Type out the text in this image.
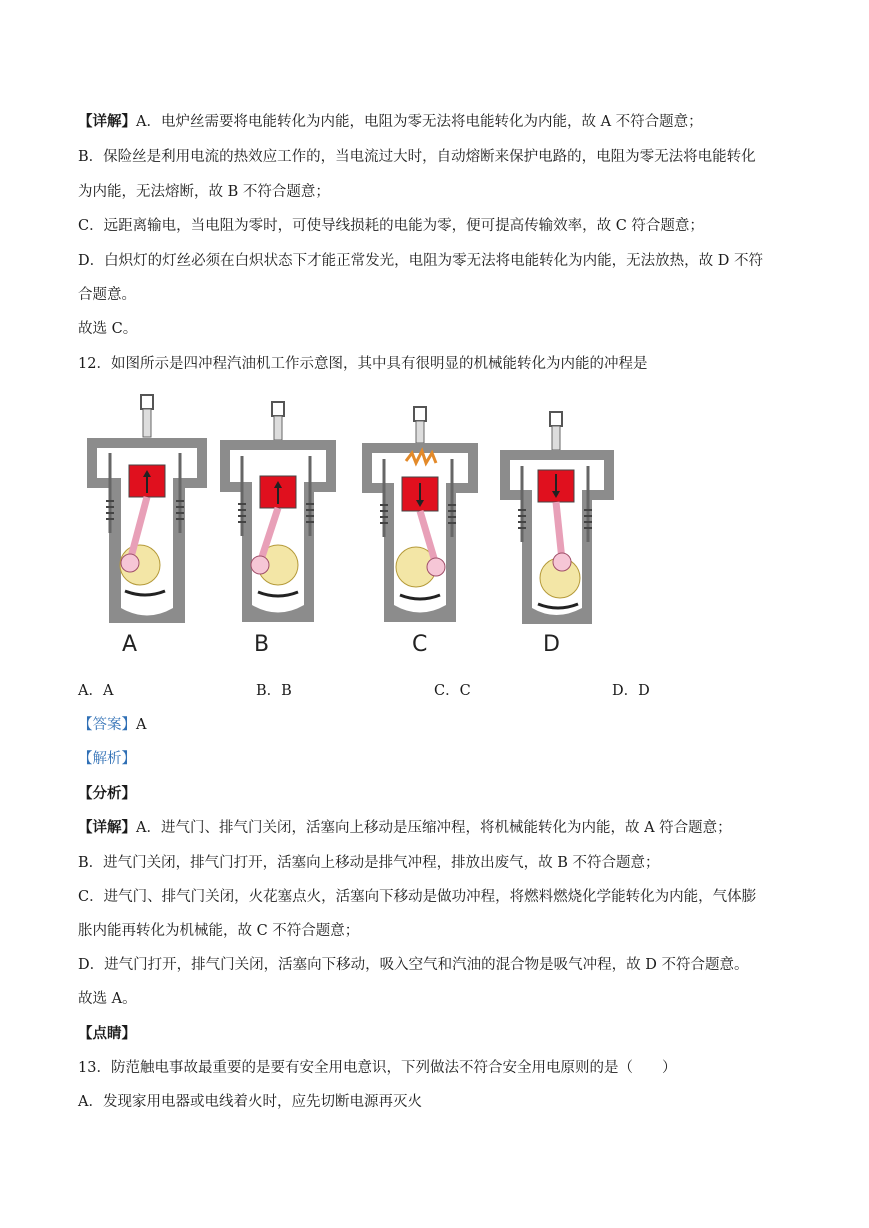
【详解】A．电炉丝需要将电能转化为内能，电阻为零无法将电能转化为内能，故 A 不符合题意；
B．保险丝是利用电流的热效应工作的，当电流过大时，自动熔断来保护电路的，电阻为零无法将电能转化
为内能，无法熔断，故 B 不符合题意；
C．远距离输电，当电阻为零时，可使导线损耗的电能为零，便可提高传输效率，故 C 符合题意；
D．白炽灯的灯丝必须在白炽状态下才能正常发光，电阻为零无法将电能转化为内能，无法放热，故 D 不符
合题意。
故选 C。
12．如图所示是四冲程汽油机工作示意图，其中具有很明显的机械能转化为内能的冲程是
A	B	C	D
A．A	B．B	C．C	D．D
【答案】A
【解析】
【分析】
【详解】A．进气门、排气门关闭，活塞向上移动是压缩冲程，将机械能转化为内能，故 A 符合题意；
B．进气门关闭，排气门打开，活塞向上移动是排气冲程，排放出废气，故 B 不符合题意；
C．进气门、排气门关闭，火花塞点火，活塞向下移动是做功冲程，将燃料燃烧化学能转化为内能，气体膨
胀内能再转化为机械能，故 C 不符合题意；
D．进气门打开，排气门关闭，活塞向下移动，吸入空气和汽油的混合物是吸气冲程，故 D 不符合题意。
故选 A。
【点睛】
13．防范触电事故最重要的是要有安全用电意识，下列做法不符合安全用电原则的是（　　）
A．发现家用电器或电线着火时，应先切断电源再灭火
